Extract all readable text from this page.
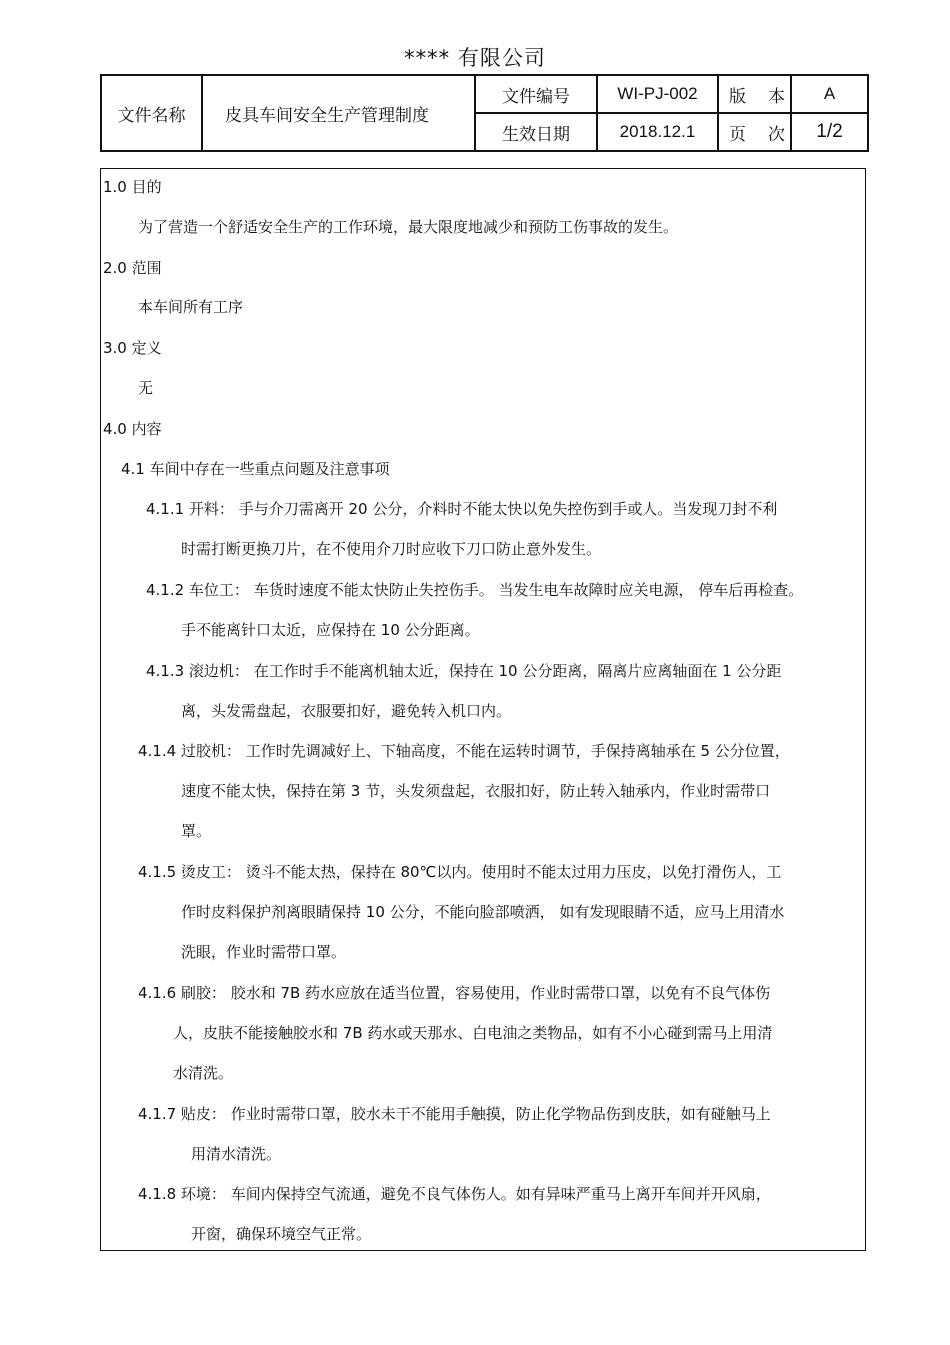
**** 有限公司
文件名称	皮具车间安全生产管理制度	文件编号	WI-PJ-002	版本	A
		生效日期	2018.12.1	页次	1/2
1.0 目的
为了营造一个舒适安全生产的工作环境，最大限度地减少和预防工伤事故的发生。
2.0 范围
本车间所有工序
3.0 定义
无
4.0 内容
4.1 车间中存在一些重点问题及注意事项
4.1.1 开料： 手与介刀需离开 20 公分，介料时不能太快以免失控伤到手或人。当发现刀封不利
时需打断更换刀片，在不使用介刀时应收下刀口防止意外发生。
4.1.2 车位工： 车货时速度不能太快防止失控伤手。 当发生电车故障时应关电源， 停车后再检查。
手不能离针口太近，应保持在 10 公分距离。
4.1.3 滚边机： 在工作时手不能离机轴太近，保持在 10 公分距离，隔离片应离轴面在 1 公分距
离，头发需盘起，衣服要扣好，避免转入机口内。
4.1.4 过胶机： 工作时先调减好上、下轴高度，不能在运转时调节，手保持离轴承在 5 公分位置，
速度不能太快，保持在第 3 节，头发须盘起，衣服扣好，防止转入轴承内，作业时需带口
罩。
4.1.5 烫皮工： 烫斗不能太热，保持在 80℃以内。使用时不能太过用力压皮，以免打滑伤人，工
作时皮料保护剂离眼睛保持 10 公分，不能向脸部喷洒， 如有发现眼睛不适，应马上用清水
洗眼，作业时需带口罩。
4.1.6 刷胶： 胶水和 7B 药水应放在适当位置，容易使用，作业时需带口罩，以免有不良气体伤
人，皮肤不能接触胶水和 7B 药水或天那水、白电油之类物品，如有不小心碰到需马上用清
水清洗。
4.1.7 贴皮： 作业时需带口罩，胶水未干不能用手触摸，防止化学物品伤到皮肤，如有碰触马上
用清水清洗。
4.1.8 环境： 车间内保持空气流通，避免不良气体伤人。如有异味严重马上离开车间并开风扇，
开窗，确保环境空气正常。
